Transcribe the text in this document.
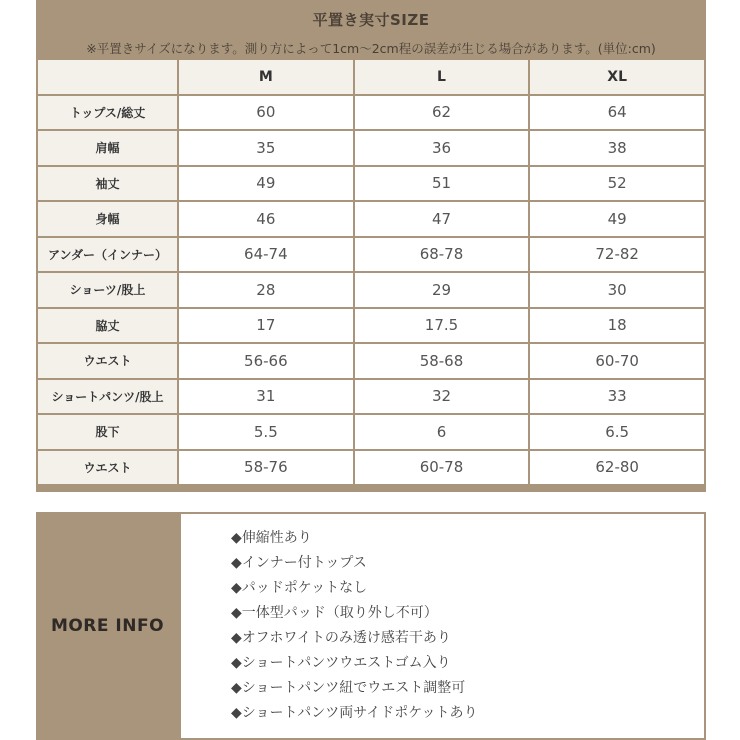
平置き実寸SIZE
※平置きサイズになります。測り方によって1cm～2cm程の誤差が生じる場合があります。(単位:cm)
	M	L	XL
トップス/総丈	60	62	64
肩幅	35	36	38
袖丈	49	51	52
身幅	46	47	49
アンダー（インナー）	64-74	68-78	72-82
ショーツ/股上	28	29	30
脇丈	17	17.5	18
ウエスト	56-66	58-68	60-70
ショートパンツ/股上	31	32	33
股下	5.5	6	6.5
ウエスト	58-76	60-78	62-80
MORE INFO
◆伸縮性あり
◆インナー付トップス
◆パッドポケットなし
◆一体型パッド（取り外し不可）
◆オフホワイトのみ透け感若干あり
◆ショートパンツウエストゴム入り
◆ショートパンツ紐でウエスト調整可
◆ショートパンツ両サイドポケットあり
